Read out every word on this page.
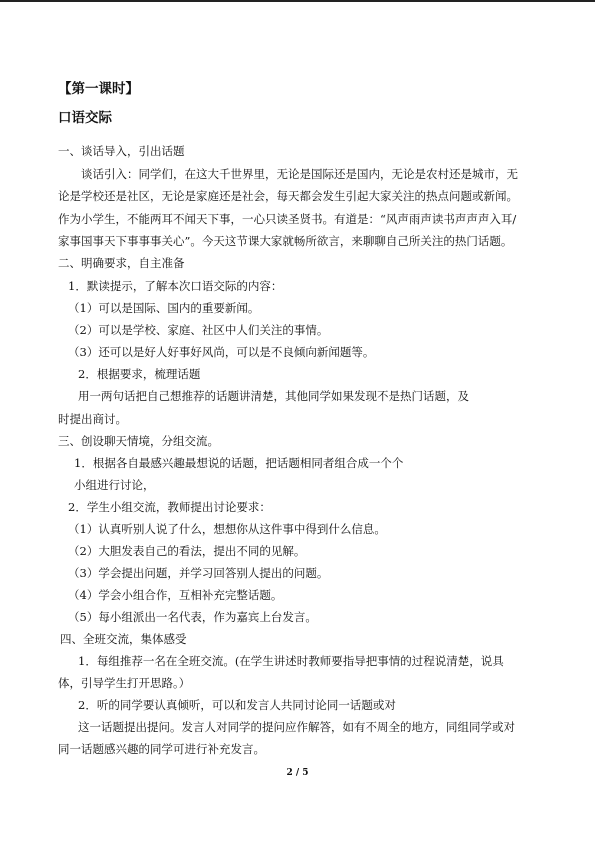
【第一课时】
口语交际
一、谈话导入，引出话题
谈话引入：同学们，在这大千世界里，无论是国际还是国内，无论是农村还是城市，无
论是学校还是社区，无论是家庭还是社会，每天都会发生引起大家关注的热点问题或新闻。
作为小学生，不能两耳不闻天下事，一心只读圣贤书。有道是：“风声雨声读书声声声入耳/
家事国事天下事事事关心”。今天这节课大家就畅所欲言，来聊聊自己所关注的热门话题。
二、明确要求，自主准备
1．默读提示，了解本次口语交际的内容：
（1）可以是国际、国内的重要新闻。
（2）可以是学校、家庭、社区中人们关注的事情。
（3）还可以是好人好事好风尚，可以是不良倾向新闻题等。
2．根据要求，梳理话题
用一两句话把自己想推荐的话题讲清楚，其他同学如果发现不是热门话题，及
时提出商讨。
三、创设聊天情境，分组交流。
1．根据各自最感兴趣最想说的话题，把话题相同者组合成一个个
小组进行讨论，
2．学生小组交流，教师提出讨论要求：
（1）认真听别人说了什么，想想你从这件事中得到什么信息。
（2）大胆发表自己的看法，提出不同的见解。
（3）学会提出问题，并学习回答别人提出的问题。
（4）学会小组合作，互相补充完整话题。
（5）每小组派出一名代表，作为嘉宾上台发言。
四、全班交流，集体感受
1．每组推荐一名在全班交流。(在学生讲述时教师要指导把事情的过程说清楚，说具
体，引导学生打开思路。）
2．听的同学要认真倾听，可以和发言人共同讨论同一话题或对
这一话题提出提问。发言人对同学的提问应作解答，如有不周全的地方，同组同学或对
同一话题感兴趣的同学可进行补充发言。
2 / 5
